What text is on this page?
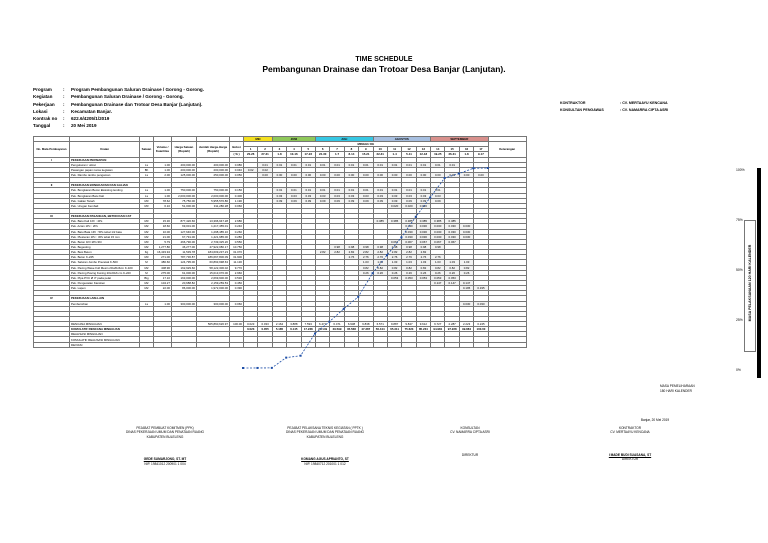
TIME SCHEDULE
Pembangunan Drainase dan Trotoar Desa Banjar (Lanjutan).
Program : Program Pembangunan Saluran Drainase / Gorong - Gorong.
Kegiatan : Pembangunan Saluran Drainase / Gorong - Gorong.
Pekerjaan : Pembangunan Drainase dan Trotoar Desa Banjar (Lanjutan).
Lokasi	: Kecamatan Banjar.
Kontrak no : 622.6/4205/1/2019
Tanggal	: 20 Mei 2019
KONTRAKTOR	: CV. MERTAAYU KENCANA
KONSULTAN PENGAWAS	: CV. NAMARRA CIPTA ASRI
							MEI		JUNI			JULI				AGUSTUS				SEPTEMBER				
No. Mata Pembayaran	Uraian	Satuan	Volume / Kuantitas	Harga Satuan (Rupiah)	Jumlah Harga-Harga (Rupiah)	Bobot	MINGGU KE																	Keterangan
							1	2	3	4	5	6	7	8	9	10	11	12	13	14	15	16	17	
						( % )	20-26	27-31	1-8	10-16	17-23	24-30	1-7	8-14	15-21	22-31	1-4	5-11	12-18	19-25	26-31	1-8	9-17	
I	PEKERJAAN PERSIAPAN																							
	Pengukuran / uitzet	Ls	1.00	400,000.00	400,000.00	0.080		0.01	0.01	0.01	0.01	0.01	0.01	0.01	0.01	0.01	0.01	0.01	0.01	0.01	0.01			
	Pasangan papan nama kegiatan	Bh	1.00	200,000.00	200,000.00	0.040	0.02	0.02																
	Pek. Rambu rambu pengaman	Ls	2.00	125,000.00	250,000.00	0.050		0.00	0.00	0.00	0.00	0.00	0.00	0.00	0.00	0.00	0.00	0.00	0.00	0.00	0.00	0.00	0.00	

II	PEKERJAAN BONGKARAN DAN GALIAN																							
	Pek. Bongkaran Beton Eksisting lending	Ls	1.00	750,000.00	750,000.00	0.150			0.01	0.01	0.01	0.01	0.01	0.01	0.01	0.01	0.01	0.01	0.01	0.01				
	Pek. Bongkaran Batu Kali	Ls	1.00	2,000,000.00	2,000,000.00	0.400			0.03	0.03	0.03	0.03	0.03	0.03	0.03	0.03	0.03	0.03	0.03	0.03				
	Pek. Galian Tanah	M3	78.62	75,750.00	5,955,576.86	1.190			0.09	0.09	0.09	0.09	0.09	0.09	0.09	0.09	0.09	0.09	0.09	0.09				
	Pek. Urugan Kembali	M3	6.10	51,000.00	311,280.28	0.060											0.020	0.020	0.020					

III	PEKERJAAN PASANGAN, BETON DAN CAT																							
	Pek. Batu Kali 1Pc : 4Ps	M3	15.30	877,426.66	13,396,947.28	2.680										0.385	0.385	0.385	0.385	0.385	0.385			
	Pek. Acian 1Pc : 2Ps	M2	18.60	69,001.00	1,217,455.01	0.240												0.030	0.030	0.030	0.030	0.030		
	Pek. Batu Bata 1Pc : 5Ps tebal 1/2 bata	M2	10.00	127,646.00	1,298,485.16	0.260												0.030	0.030	0.030	0.030	0.030		
	Pek. Plesteran 1Pc : 3Ps tebal 15 mm	M2	21.00	67,791.00	1,421,985.00	0.280												0.030	0.030	0.030	0.030	0.030		
	Pek. Beton 1Pc:2Ps:3Kr	M3	5.79	466,790.00	2,739,325.26	0.550											0.067	0.067	0.067	0.067	0.067			
	Pek. Begesting	M2	1,277.80	46,277.00	47,922,080.17	10.750							0.98	0.98	0.98	0.98	0.98	0.98	0.98	0.98				
	Pek. Besi Beton	Kg	16,433.94	11,539.78	184,609,237.23	31.070						2.82	2.82	2.82	2.82	2.82	2.82	2.82	2.82					
	Pek. Beton K-225	M3	271.00	787,736.87	186,667,806.09	31.900								2.76	2.76	2.76	2.76	2.76	2.76	2.76				
	Pek. Saluran Jumbo Precetak K-500	M	486.60	124,795.00	60,893,998.63	11.130									1.03	1.03	1.03	1.03	1.03	1.03	1.03	1.03		
	Pek. Paving Wave Full Mesin 20x20x6cm K-320	M2	408.96	162,929.60	58,122,306.02	9.770									0.82	0.82	0.82	0.82	0.82	0.82	0.82	0.82		
	Pek. Paving Paving Kuning 20x20x6 cm K-220	M	275.00	61,000.00	15,013,076.00	2.960									0.26	0.26	0.26	0.26	0.26	0.26	0.26	0.26		
	Pek. Pipa PVC Ø 3" pada pelat	Btg	17.10	163,000.00	2,669,900.00	0.530											0.053	0.053	0.053	0.053	0.053			
	Pek. Pengecatan Kanstien	M2	104.27	20,688.82	2,159,259.53	0.450														0.147	0.147	0.147		
	Pek. Lapen	M2	22.00	86,000.00	1,972,000.00	0.390																0.195	0.195	

IV	PEKERJAAN LAIN-LAIN																							
	Pembersihan	Ls	1.00	300,000.00	300,000.00	0.060																0.030	0.030	

	RENCANA MINGGUAN				505,860,626.97	100.00	0.023	0.033	2.164	3.888	7.593	6.471	6.471	6.938	6.838	6.571	9.887	9.847	9.612	9.727	2.287	2.223	0.245	
	KOMULATIF RENCANA MINGGUAN						0.023	0.055	5.185	6.145	17.238	23.149	29.599	35.568	47.387	56.444	65.311	75.623	85.234	94.981	97.228	99.884	100.00	
	REALISASI MINGGUAN																							
	KOMULATIF REALISASI MINGGUAN																							
	DEVIASI																							
100%
75%
50%
25%
0%
MASA PELAKSANAAN 120 HARI KALENDER
MASA PEMELIHARAAN
180 HARI KALENDER
Banjar, 20 Mei 2019
PEJABAT PEMBUAT KOMITMEN (PPK)
DINAS PEKERJAAN UMUM DAN PENATAAN RUANG
KABUPATEN BULELENG
GEDE SUMARJONO, ST. MT
NIP. 19841012 200901 1 004
PEJABAT PELAKSANA TEKNIS KEGIATAN ( PPTK )
DINAS PEKERJAAN UMUM DAN PENATAAN RUANG
KABUPATEN BULELENG
KOMANG AGUS APRIANTO, ST
NIP. 19840712 201001 1 012
KONSULTAN
CV. NAMARRA CIPTA ASRI
DIREKTUR
KONTRAKTOR
CV. MERTAAYU KENCANA
I MADE BUDI SUASANA, ST
DIREKTUR
